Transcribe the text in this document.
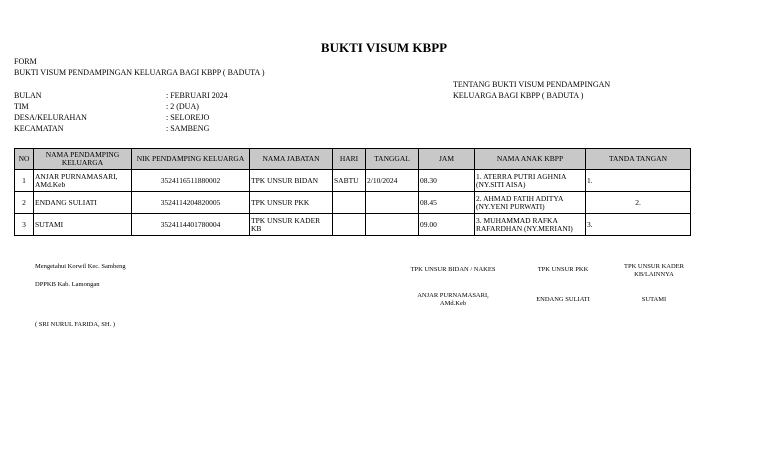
BUKTI VISUM KBPP
FORM
BUKTI VISUM PENDAMPINGAN KELUARGA BAGI KBPP ( BADUTA )
TENTANG BUKTI VISUM PENDAMPINGAN
KELUARGA BAGI KBPP ( BADUTA )
BULAN	: FEBRUARI 2024
TIM	: 2 (DUA)
DESA/KELURAHAN	: SELOREJO
KECAMATAN	: SAMBENG
NO	NAMA PENDAMPING KELUARGA	NIK PENDAMPING KELUARGA	NAMA JABATAN	HARI	TANGGAL	JAM	NAMA ANAK KBPP	TANDA TANGAN
1	ANJAR PURNAMASARI, AMd.Keb	3524116511880002	TPK UNSUR BIDAN	SABTU	2/10/2024	08.30	1. ATERRA PUTRI AGHNIA (NY.SITI AISA)	1.
2	ENDANG SULIATI	3524114204820005	TPK UNSUR PKK			08.45	2. AHMAD FATIH ADITYA (NY.YENI PURWATI)	2.
3	SUTAMI	3524114401780004	TPK UNSUR KADER KB			09.00	3. MUHAMMAD RAFKA RAFARDHAN (NY.MERIANI)	3.
Mengetahui Korwil Kec. Sambeng
DPPKB Kab. Lamongan
( SRI NURUL FARIDA, SH. )
TPK UNSUR BIDAN / NAKES	TPK UNSUR PKK	TPK UNSUR KADER KB/LAINNYA
ANJAR PURNAMASARI, AMd.Keb
ENDANG SULIATI	SUTAMI
